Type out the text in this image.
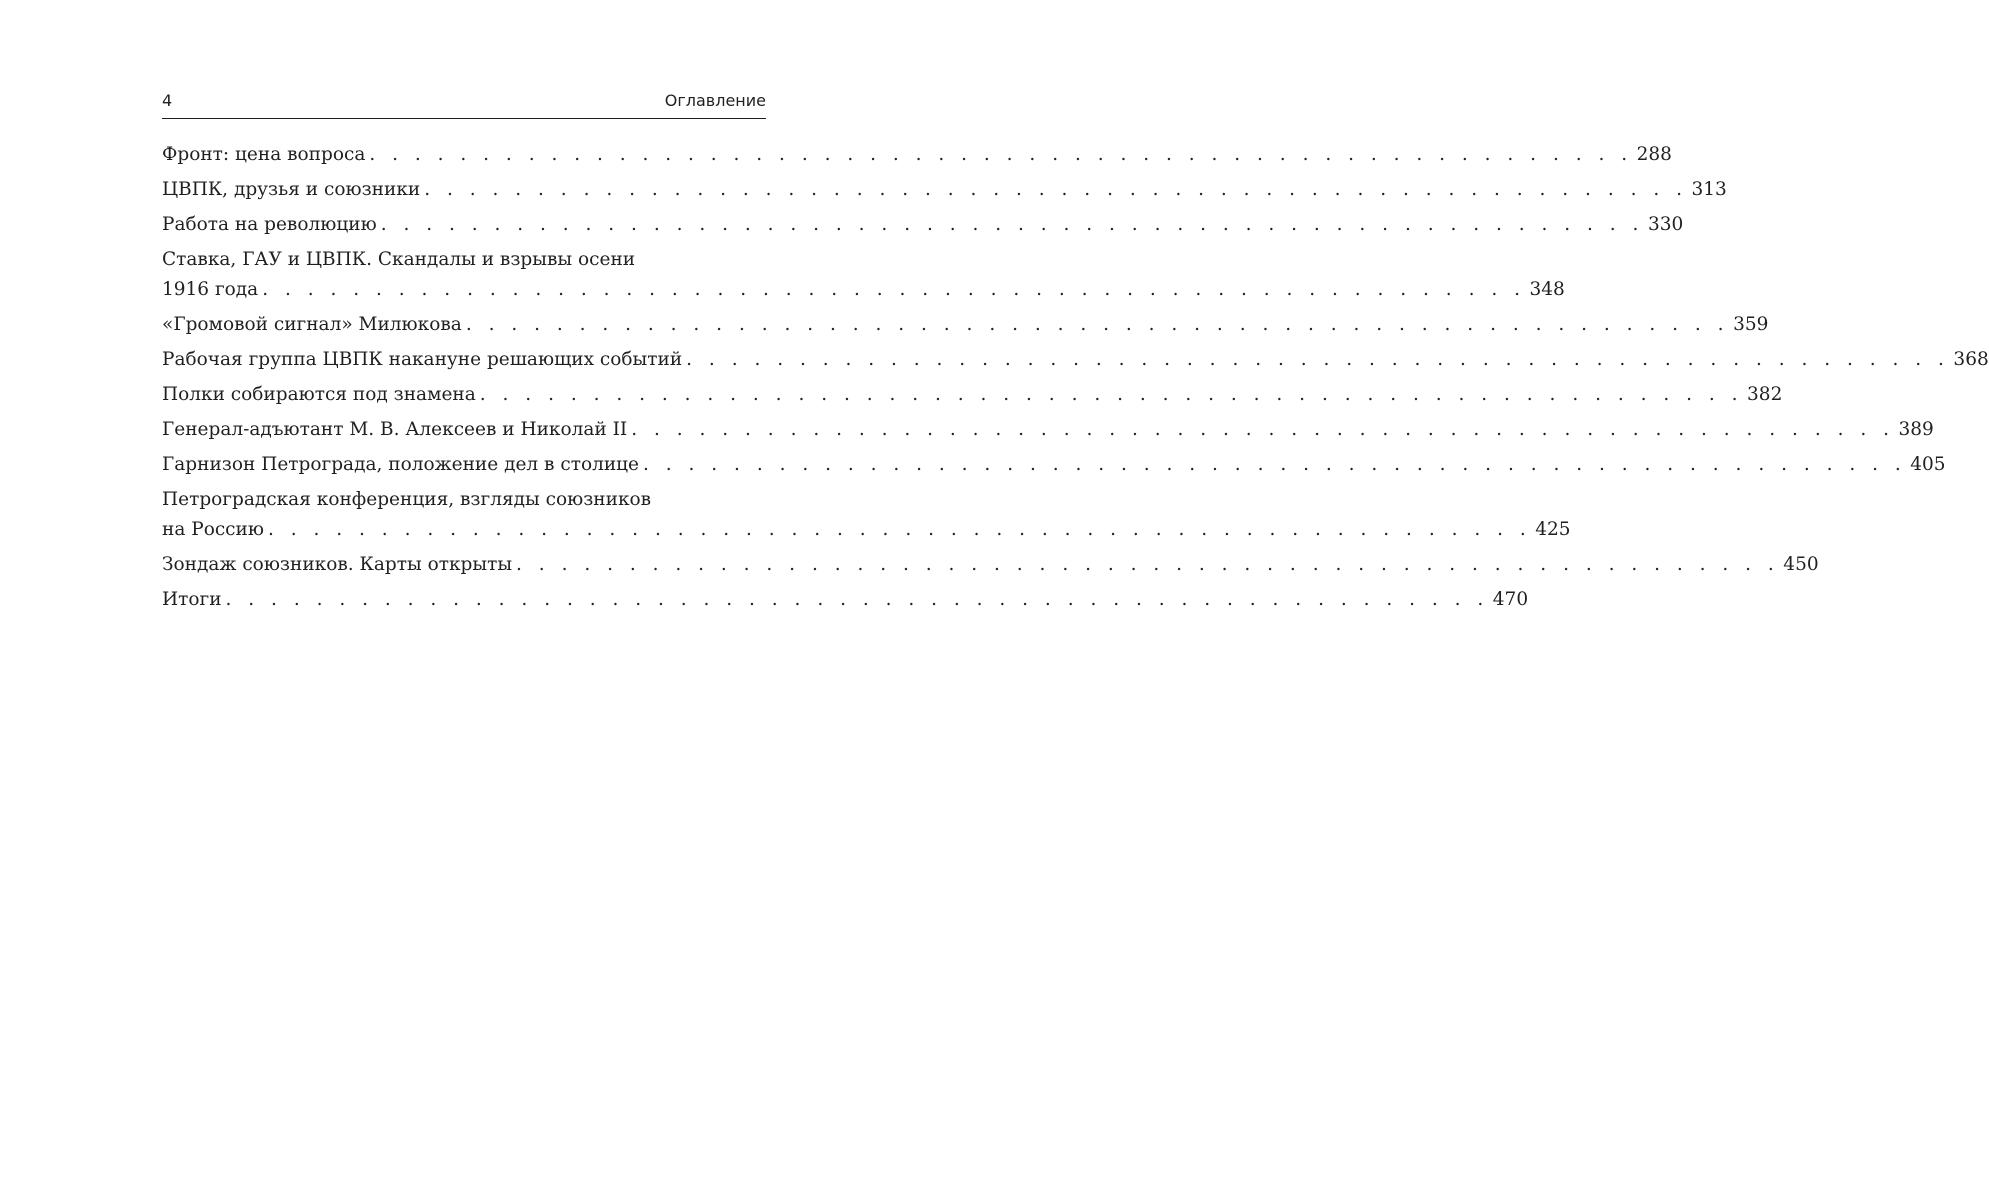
4	Оглавление
Фронт: цена вопроса . . . . . . . . . . . . . . . . . . . . . . . . . . . . . . . . . . . . . . . . . . . . . . . . . . . . . . . . 288
ЦВПК, друзья и союзники . . . . . . . . . . . . . . . . . . . . . . . . . . . . . . . . . . . . . . . . . . . . . . . . . . . . . . . . 313
Работа на революцию . . . . . . . . . . . . . . . . . . . . . . . . . . . . . . . . . . . . . . . . . . . . . . . . . . . . . . . . 330
Ставка, ГАУ и ЦВПК. Скандалы и взрывы осени
1916 года . . . . . . . . . . . . . . . . . . . . . . . . . . . . . . . . . . . . . . . . . . . . . . . . . . . . . . . . 348
«Громовой сигнал» Милюкова . . . . . . . . . . . . . . . . . . . . . . . . . . . . . . . . . . . . . . . . . . . . . . . . . . . . . . . . 359
Рабочая группа ЦВПК накануне решающих событий . . . . . . . . . . . . . . . . . . . . . . . . . . . . . . . . . . . . . . . . . . . . . . . . . . . . . . . . 368
Полки собираются под знамена . . . . . . . . . . . . . . . . . . . . . . . . . . . . . . . . . . . . . . . . . . . . . . . . . . . . . . . . 382
Генерал-адъютант М. В. Алексеев и Николай II . . . . . . . . . . . . . . . . . . . . . . . . . . . . . . . . . . . . . . . . . . . . . . . . . . . . . . . . 389
Гарнизон Петрограда, положение дел в столице . . . . . . . . . . . . . . . . . . . . . . . . . . . . . . . . . . . . . . . . . . . . . . . . . . . . . . . . 405
Петроградская конференция, взгляды союзников
на Россию . . . . . . . . . . . . . . . . . . . . . . . . . . . . . . . . . . . . . . . . . . . . . . . . . . . . . . . . 425
Зондаж союзников. Карты открыты . . . . . . . . . . . . . . . . . . . . . . . . . . . . . . . . . . . . . . . . . . . . . . . . . . . . . . . . 450
Итоги . . . . . . . . . . . . . . . . . . . . . . . . . . . . . . . . . . . . . . . . . . . . . . . . . . . . . . . . 470
